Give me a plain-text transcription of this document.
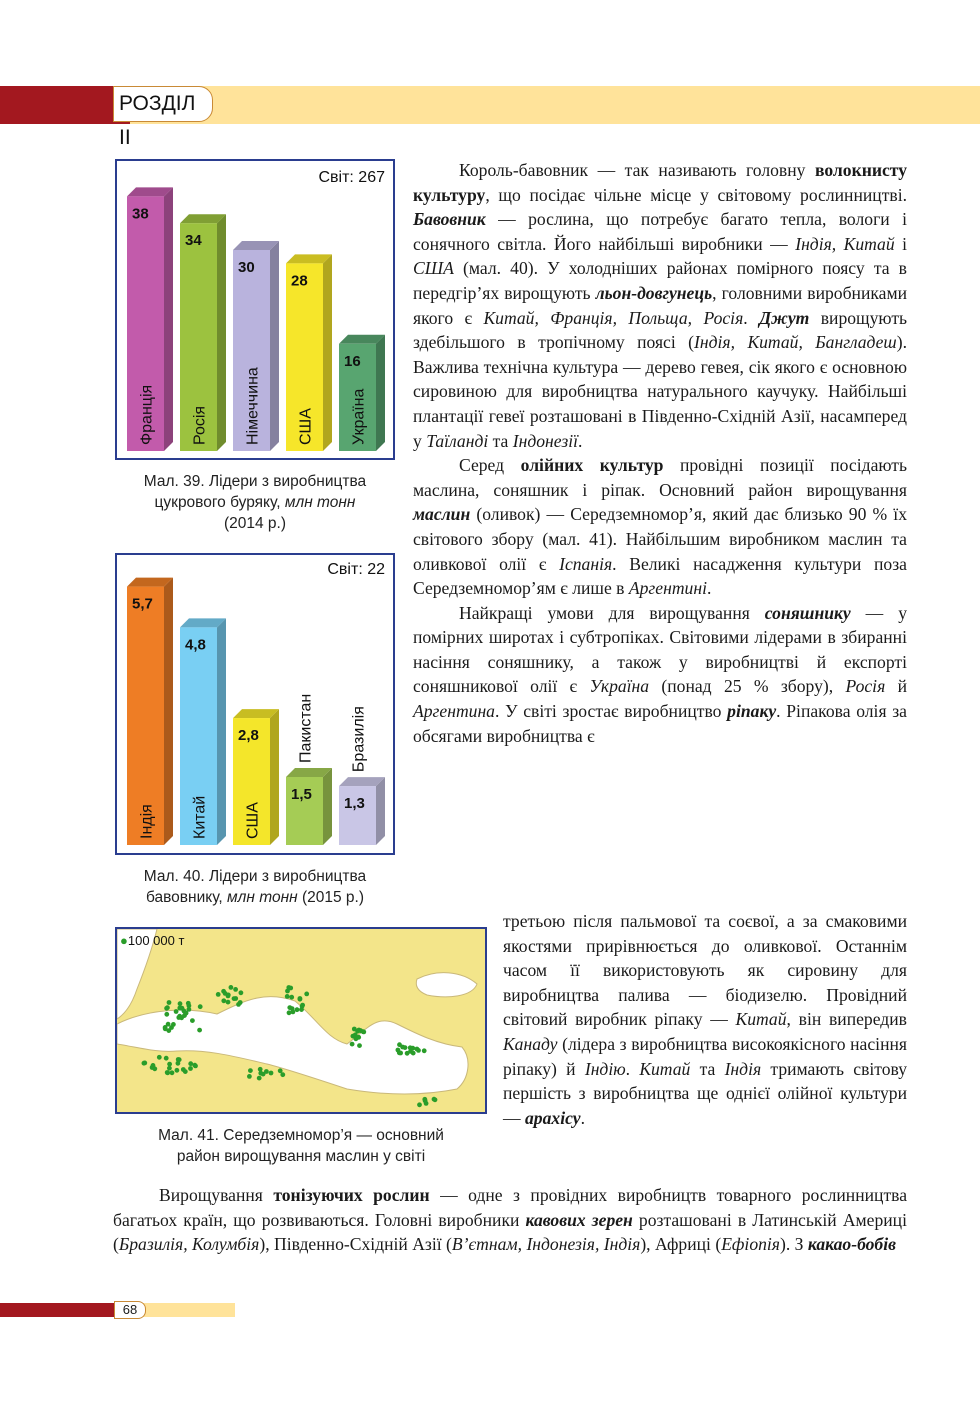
РОЗДІЛ ІІ
Світ: 267
38
Франція
34
Росія
30
Німеччина
28
США
16
Україна
Мал. 39. Лідери з виробництва
цукрового буряку, млн тонн
(2014 р.)
Світ: 22
5,7
Індія
4,8
Китай
2,8
США
1,5
Пакистан
1,3
Бразилія
Мал. 40. Лідери з виробництва
бавовнику, млн тонн (2015 р.)
●100 000 т
Мал. 41. Середземномор’я — основний
район вирощування маслин у світі

Король-бавовник — так називають головну волокнисту культуру, що посідає чільне місце у світовому рослинництві. Бавовник — рослина, що потребує багато тепла, вологи і сонячного світла. Його найбільші виробники — Індія, Китай і США (мал. 40). У холодніших районах помірного поясу та в передгір’ях вирощують льон-довгунець, головними виробниками якого є Китай, Франція, Польща, Росія. Джут вирощують здебільшого в тропічному поясі (Індія, Китай, Бангладеш). Важлива технічна культура — дерево гевея, сік якого є основною сировиною для виробництва натурального каучуку. Найбільші плантації гевеї розташовані в Південно-Східній Азії, насамперед у Таїланді та Індонезії.

Серед олійних культур провідні позиції посідають маслина, соняшник і ріпак. Основний район вирощування маслин (оливок) — Середземномор’я, який дає близько 90 % їх світового збору (мал. 41). Найбільшим виробником маслин та оливкової олії є Іспанія. Великі насадження культури поза Середземномор’ям є лише в Аргентині.

Найкращі умови для вирощування соняшнику — у помірних широтах і субтропіках. Світовими лідерами в збиранні насіння соняшнику, а також у виробництві й експорті соняшникової олії є Україна (понад 25 % збору), Росія й Аргентина. У світі зростає виробництво ріпаку. Ріпакова олія за обсягами виробництва є

третьою після пальмової та соєвої, а за смаковими якостями прирівнюється до оливкової. Останнім часом її використовують як сировину для виробництва палива — біодизелю. Провідний світовий виробник ріпаку — Китай, він випередив Канаду (лідера з виробництва високоякісного насіння ріпаку) й Індію. Китай та Індія тримають світову першість з виробництва ще однієї олійної культури — арахісу.

Вирощування тонізуючих рослин — одне з провідних виробництв товарного рослинництва багатьох країн, що розвиваються. Головні виробники кавових зерен розташовані в Латинській Америці (Бразилія, Колумбія), Південно-Східній Азії (В’єтнам, Індонезія, Індія), Африці (Ефіопія). З какао-бобів

68
